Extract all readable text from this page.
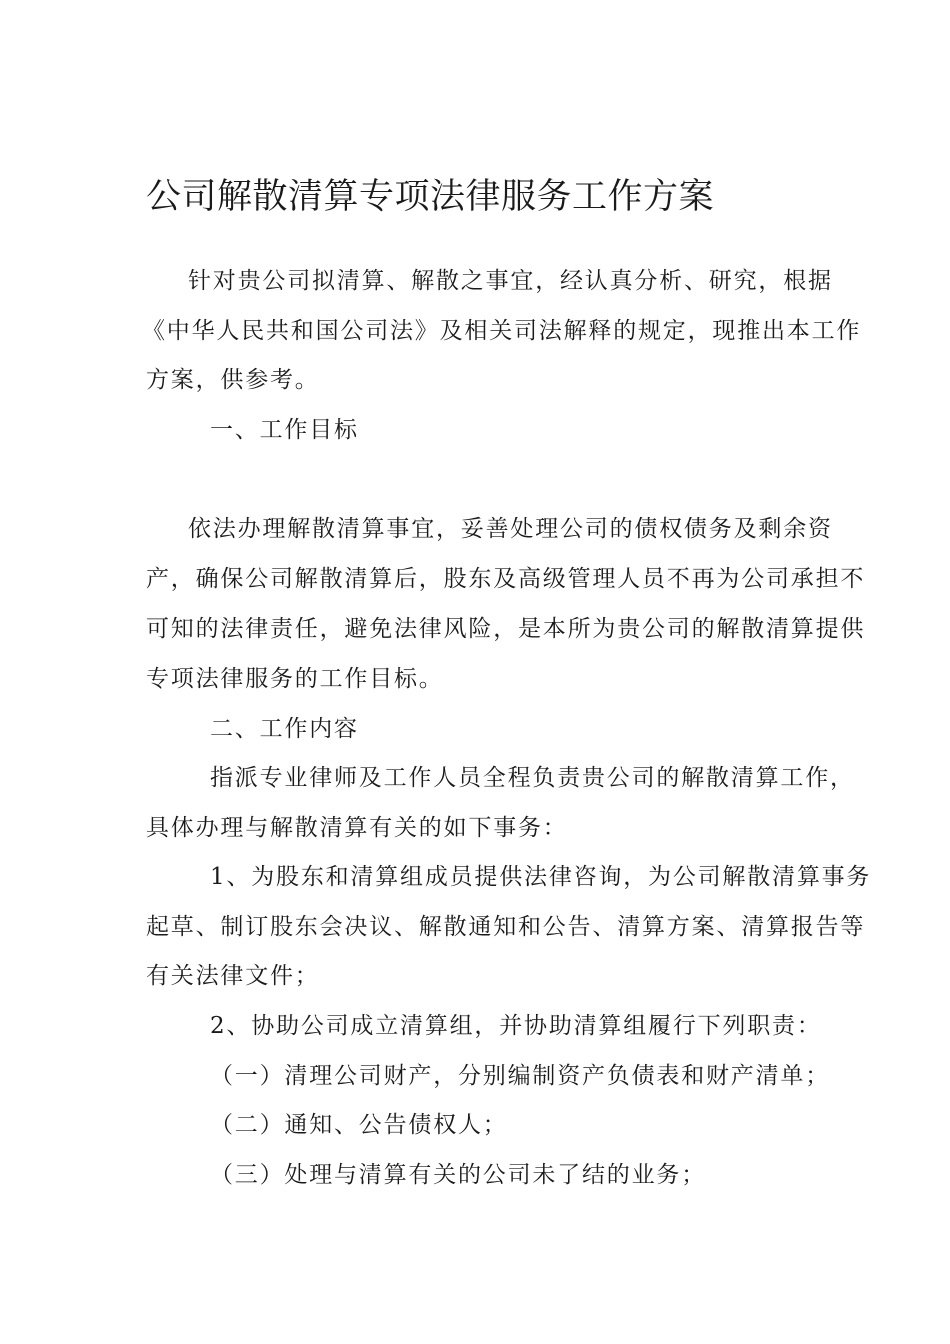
公司解散清算专项法律服务工作方案
针对贵公司拟清算、解散之事宜，经认真分析、研究，根据
《中华人民共和国公司法》及相关司法解释的规定，现推出本工作
方案，供参考。
一、工作目标
依法办理解散清算事宜，妥善处理公司的债权债务及剩余资
产，确保公司解散清算后，股东及高级管理人员不再为公司承担不
可知的法律责任，避免法律风险，是本所为贵公司的解散清算提供
专项法律服务的工作目标。
二、工作内容
指派专业律师及工作人员全程负责贵公司的解散清算工作，
具体办理与解散清算有关的如下事务：
1、为股东和清算组成员提供法律咨询，为公司解散清算事务
起草、制订股东会决议、解散通知和公告、清算方案、清算报告等
有关法律文件；
2、协助公司成立清算组，并协助清算组履行下列职责：
（一）清理公司财产，分别编制资产负债表和财产清单；
（二）通知、公告债权人；
（三）处理与清算有关的公司未了结的业务；
